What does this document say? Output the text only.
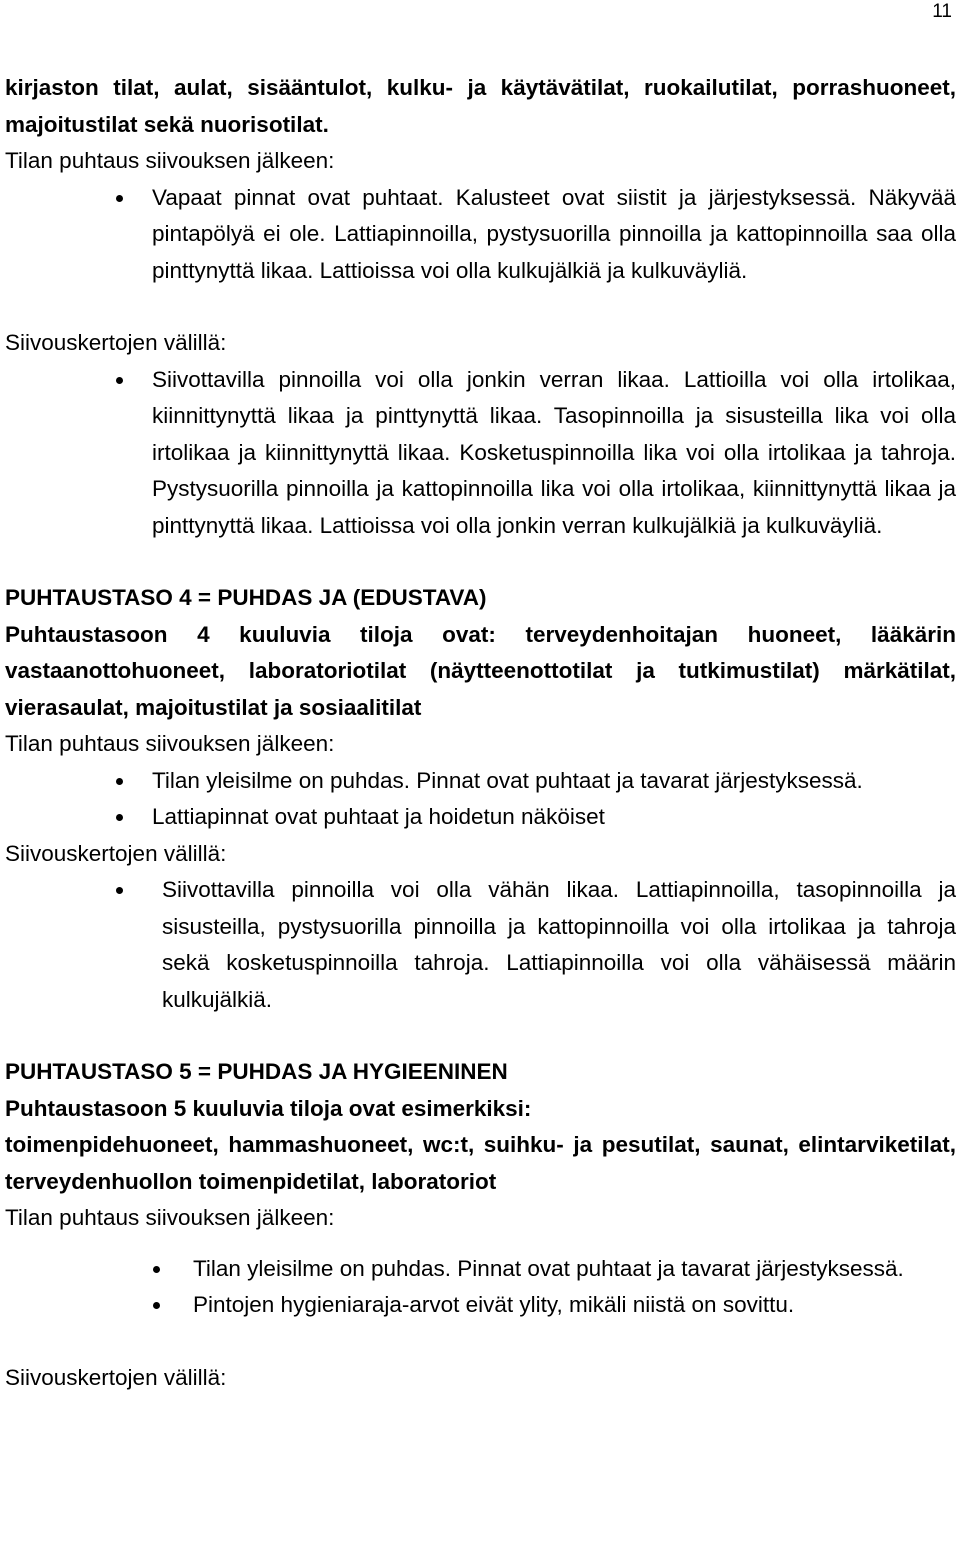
11

kirjaston tilat, aulat, sisääntulot, kulku- ja käytävätilat, ruokailutilat, porrashuoneet, majoitustilat sekä nuorisotilat.

Tilan puhtaus siivouksen jälkeen:

Vapaat pinnat ovat puhtaat. Kalusteet ovat siistit ja järjestyksessä. Näkyvää pintapölyä ei ole. Lattiapinnoilla, pystysuorilla pinnoilla ja kattopinnoilla saa olla pinttynyttä likaa. Lattioissa voi olla kulkujälkiä ja kulkuväyliä.

Siivouskertojen välillä:

Siivottavilla pinnoilla voi olla jonkin verran likaa. Lattioilla voi olla irtolikaa, kiinnittynyttä likaa ja pinttynyttä likaa. Tasopinnoilla ja sisusteilla lika voi olla irtolikaa ja kiinnittynyttä likaa. Kosketuspinnoilla lika voi olla irtolikaa ja tahroja. Pystysuorilla pinnoilla ja kattopinnoilla lika voi olla irtolikaa, kiinnittynyttä likaa ja pinttynyttä likaa. Lattioissa voi olla jonkin verran kulkujälkiä ja kulkuväyliä.

PUHTAUSTASO 4 = PUHDAS JA (EDUSTAVA)

Puhtaustasoon 4 kuuluvia tiloja ovat: terveydenhoitajan huoneet, lääkärin vastaanottohuoneet, laboratoriotilat (näytteenottotilat ja tutkimustilat) märkätilat, vierasaulat, majoitustilat ja sosiaalitilat

Tilan puhtaus siivouksen jälkeen:

Tilan yleisilme on puhdas. Pinnat ovat puhtaat ja tavarat järjestyksessä.
Lattiapinnat ovat puhtaat ja hoidetun näköiset

Siivouskertojen välillä:

Siivottavilla pinnoilla voi olla vähän likaa. Lattiapinnoilla, tasopinnoilla ja sisusteilla, pystysuorilla pinnoilla ja kattopinnoilla voi olla irtolikaa ja tahroja sekä kosketuspinnoilla tahroja. Lattiapinnoilla voi olla vähäisessä määrin kulkujälkiä.

PUHTAUSTASO 5 = PUHDAS JA HYGIEENINEN

Puhtaustasoon 5 kuuluvia tiloja ovat esimerkiksi:

toimenpidehuoneet, hammashuoneet, wc:t, suihku- ja pesutilat, saunat, elintarviketilat, terveydenhuollon toimenpidetilat, laboratoriot

Tilan puhtaus siivouksen jälkeen:

Tilan yleisilme on puhdas. Pinnat ovat puhtaat ja tavarat järjestyksessä.
Pintojen hygieniaraja-arvot eivät ylity, mikäli niistä on sovittu.

Siivouskertojen välillä:
